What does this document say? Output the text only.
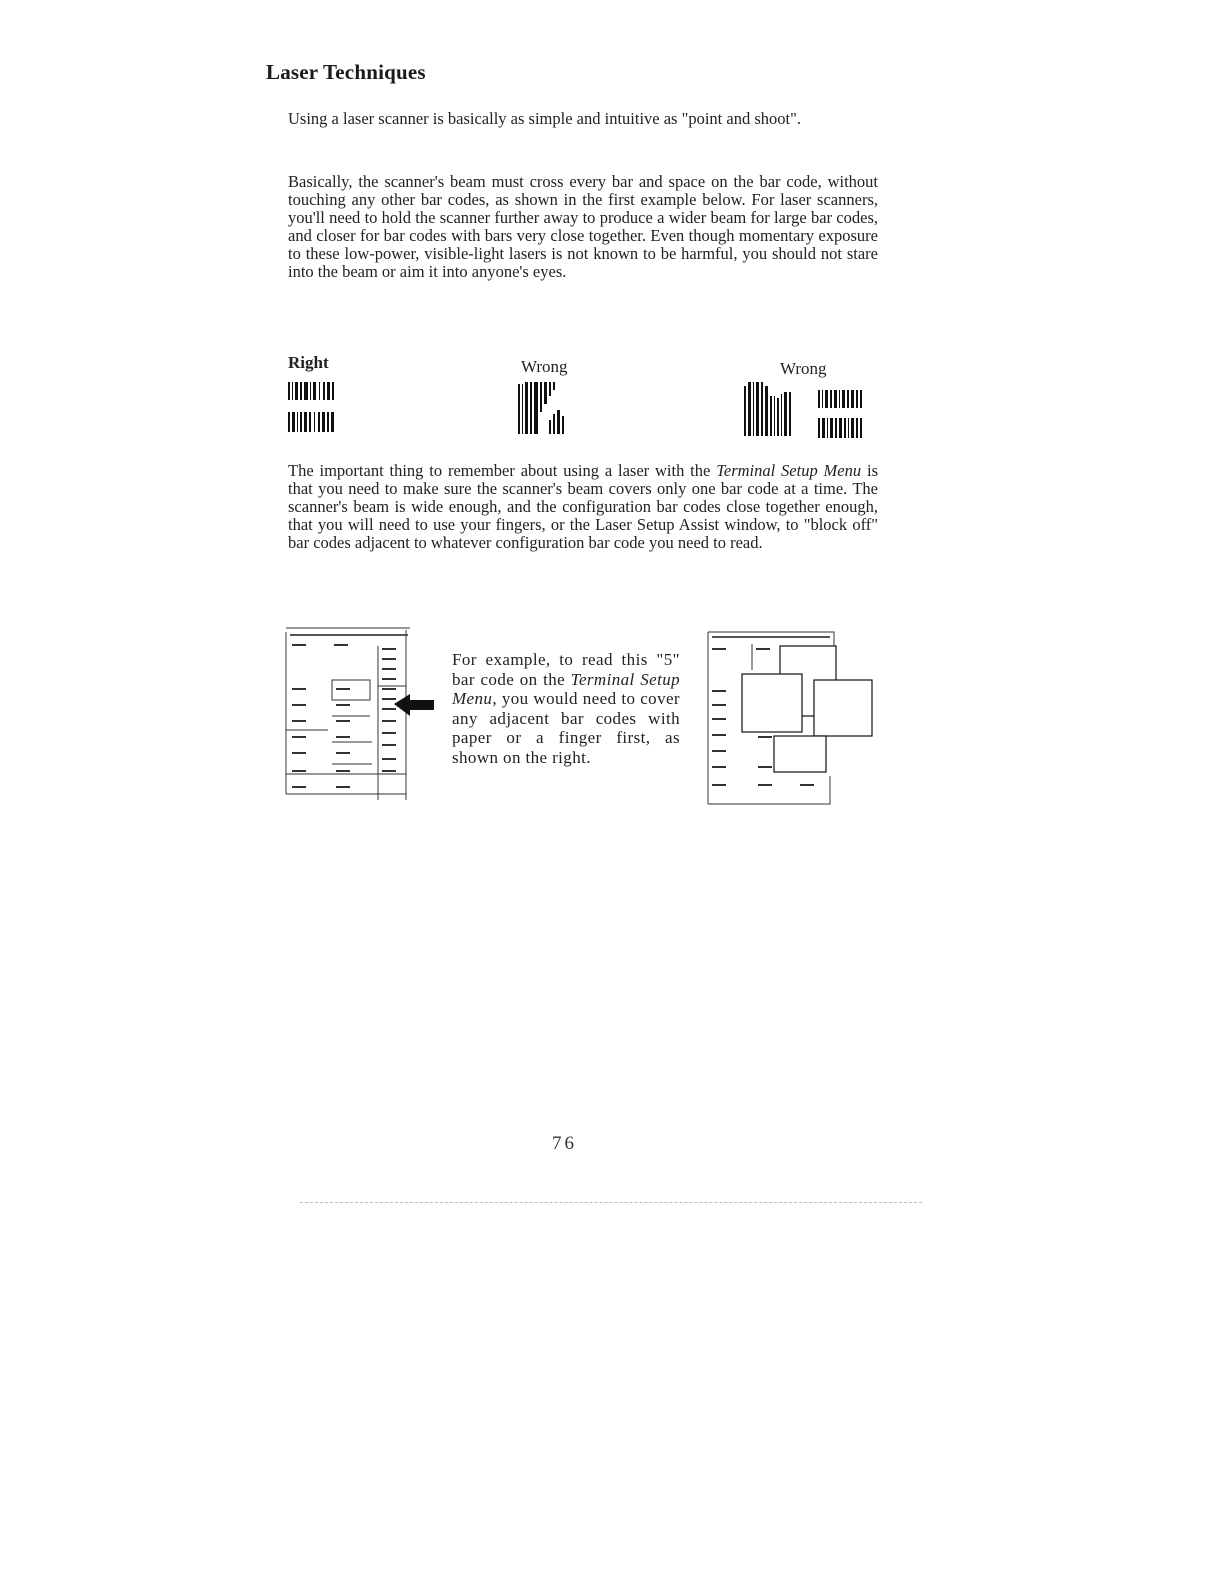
Laser Techniques
Using a laser scanner is basically as simple and intuitive as "point and shoot".
Basically, the scanner's beam must cross every bar and space on the bar code, without touching any other bar codes, as shown in the first example below. For laser scanners, you'll need to hold the scanner further away to produce a wider beam for large bar codes, and closer for bar codes with bars very close together. Even though momentary exposure to these low-power, visible-light lasers is not known to be harmful, you should not stare into the beam or aim it into anyone's eyes.
Right	Wrong	Wrong
The important thing to remember about using a laser with the Terminal Setup Menu is that you need to make sure the scanner's beam covers only one bar code at a time. The scanner's beam is wide enough, and the configuration bar codes close together enough, that you will need to use your fingers, or the Laser Setup Assist window, to "block off" bar codes adjacent to whatever configuration bar code you need to read.
For example, to read this "5" bar code on the Terminal Setup Menu, you would need to cover any adjacent bar codes with paper or a finger first, as shown on the right.
76
